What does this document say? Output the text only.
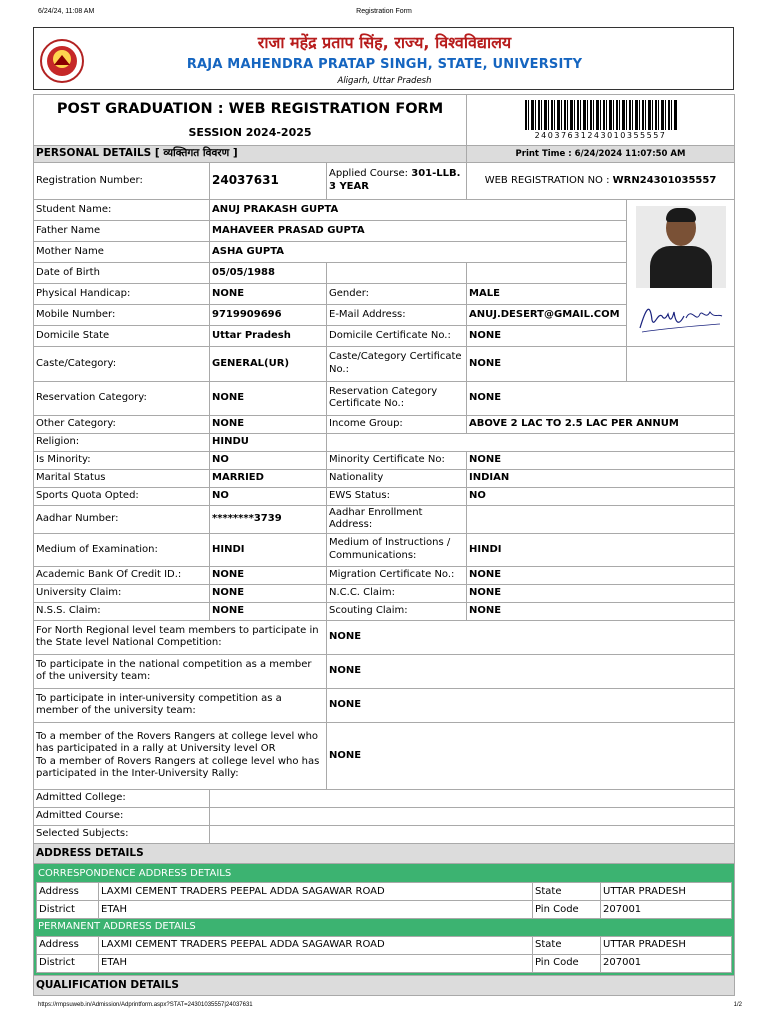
6/24/24, 11:08 AM	Registration Form
राजा महेंद्र प्रताप सिंह, राज्य, विश्वविद्यालय
RAJA MAHENDRA PRATAP SINGH, STATE, UNIVERSITY
Aligarh, Uttar Pradesh
POST GRADUATION : WEB REGISTRATION FORM
SESSION 2024-2025	24037631243010355557

PERSONAL DETAILS [ व्यक्तिगत विवरण ]	Print Time : 6/24/2024 11:07:50 AM
Registration Number:	24037631	Applied Course: 301-LLB. 3 YEAR	WEB REGISTRATION NO : WRN24301035557
Student Name:	ANUJ PRAKASH GUPTA	

Father Name	MAHAVEER PRASAD GUPTA
Mother Name	ASHA GUPTA
Date of Birth	05/05/1988		
Physical Handicap:	NONE	Gender:	MALE
Mobile Number:	9719909696	E-Mail Address:	ANUJ.DESERT@GMAIL.COM
Domicile State	Uttar Pradesh	Domicile Certificate No.:	NONE
Caste/Category:	GENERAL(UR)	Caste/Category Certificate No.:	NONE	
Reservation Category:	NONE	Reservation Category Certificate No.:	NONE
Other Category:	NONE	Income Group:	ABOVE 2 LAC TO 2.5 LAC PER ANNUM
Religion:	HINDU	
Is Minority:	NO	Minority Certificate No:	NONE
Marital Status	MARRIED	Nationality	INDIAN
Sports Quota Opted:	NO	EWS Status:	NO
Aadhar Number:	********3739	Aadhar Enrollment Address:	
Medium of Examination:	HINDI	Medium of Instructions / Communications:	HINDI
Academic Bank Of Credit ID.:	NONE	Migration Certificate No.:	NONE
University Claim:	NONE	N.C.C. Claim:	NONE
N.S.S. Claim:	NONE	Scouting Claim:	NONE
For North Regional level team members to participate in the State level National Competition:	NONE
To participate in the national competition as a member of the university team:	NONE
To participate in inter-university competition as a member of the university team:	NONE

To a member of the Rovers Rangers at college level who has participated in a rally at University level OR
To a member of Rovers Rangers at college level who has participated in the Inter-University Rally:
	NONE
Admitted College:	
Admitted Course:	
Selected Subjects:	
ADDRESS DETAILS

CORRESPONDENCE ADDRESS DETAILS
Address	LAXMI CEMENT TRADERS PEEPAL ADDA SAGAWAR ROAD	State	UTTAR PRADESH
District	ETAH	Pin Code	207001
PERMANENT ADDRESS DETAILS
Address	LAXMI CEMENT TRADERS PEEPAL ADDA SAGAWAR ROAD	State	UTTAR PRADESH
District	ETAH	Pin Code	207001

QUALIFICATION DETAILS
https://rmpsuweb.in/Admission/Adprintform.aspx?STAT=24301035557|24037631	1/2
